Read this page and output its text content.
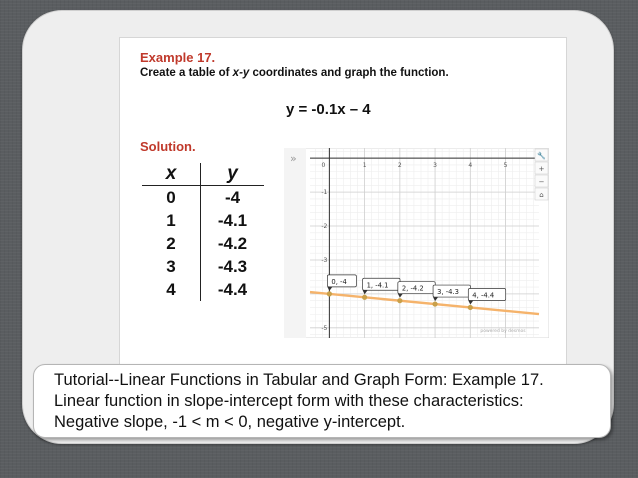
Example 17.
Create a table of x-y coordinates and graph the function.
y = -0.1x – 4
Solution.
x	y
0	-4
1	-4.1
2	-4.2
3	-4.3
4	-4.4
»
0	1	2	3	4	5
-1
-2
-3
-5
0, -4	1, -4.1 2, -4.2 3, -4.3 4, -4.4
🔧
+
−
⌂
powered by desmos
Tutorial--Linear Functions in Tabular and Graph Form: Example 17.
Linear function in slope-intercept form with these characteristics:
Negative slope, -1 < m < 0, negative y-intercept.
